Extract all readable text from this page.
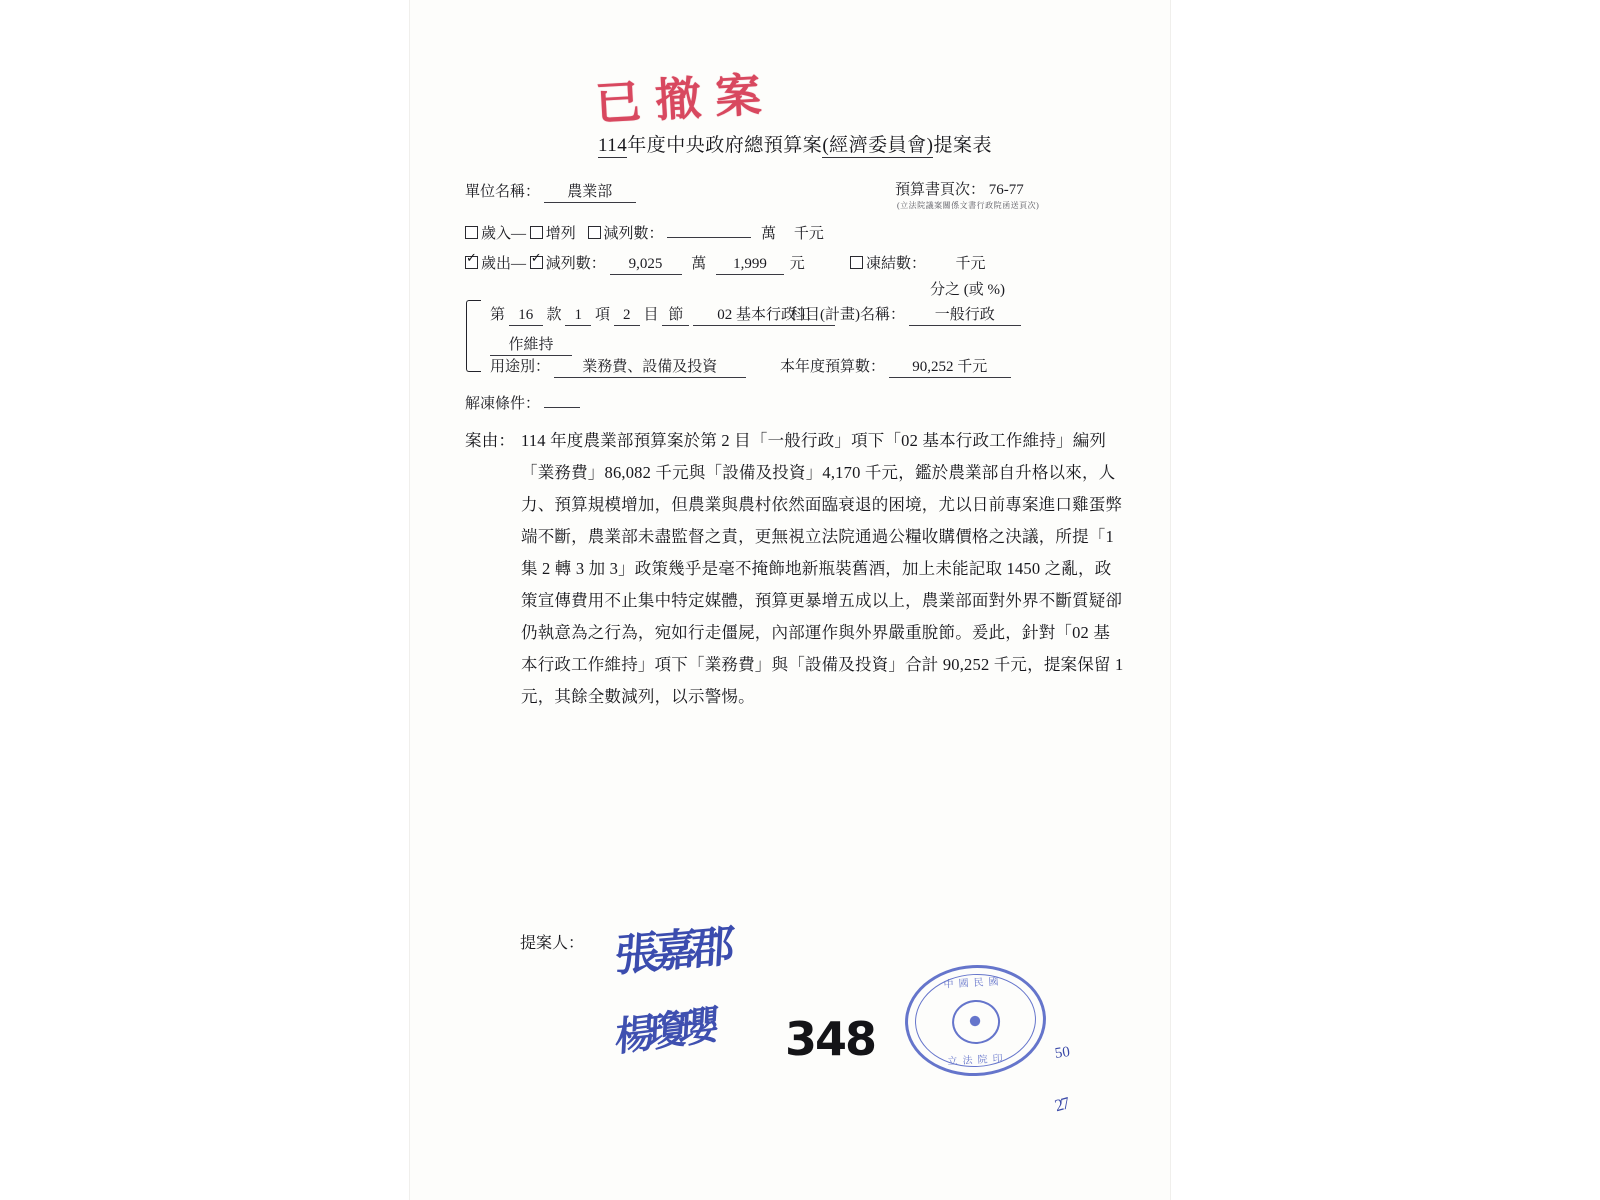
已撤案
114年度中央政府總預算案(經濟委員會)提案表
單位名稱： 農業部	預算書頁次： 76-77
(立法院議案關係文書行政院函送頁次)
歲入— 增列 減列數：	萬 千元
✓歲出— ✓ 減列數： 9,025 萬 1,999 元	凍結數： 千元
分之 (或 %)
第 16 款 1 項 2 目 節 02 基本行政工
科目(計畫)名稱： 一般行政
作維持
用途別： 業務費、設備及投資	本年度預算數： 90,252 千元
解凍條件：
案由： 114 年度農業部預算案於第 2 目「一般行政」項下「02 基本行政工作維持」編列「業務費」86,082 千元與「設備及投資」4,170 千元，鑑於農業部自升格以來，人力、預算規模增加，但農業與農村依然面臨衰退的困境，尤以日前專案進口雞蛋弊端不斷，農業部未盡監督之責，更無視立法院通過公糧收購價格之決議，所提「1 集 2 轉 3 加 3」政策幾乎是毫不掩飾地新瓶裝舊酒，加上未能記取 1450 之亂，政策宣傳費用不止集中特定媒體，預算更暴增五成以上，農業部面對外界不斷質疑卻仍執意為之行為，宛如行走僵屍，內部運作與外界嚴重脫節。爰此，針對「02 基本行政工作維持」項下「業務費」與「設備及投資」合計 90,252 千元，提案保留 1 元，其餘全數減列，以示警惕。
提案人： 張嘉郡
楊瓊瓔 348
中國民國
立法院印	50
27
